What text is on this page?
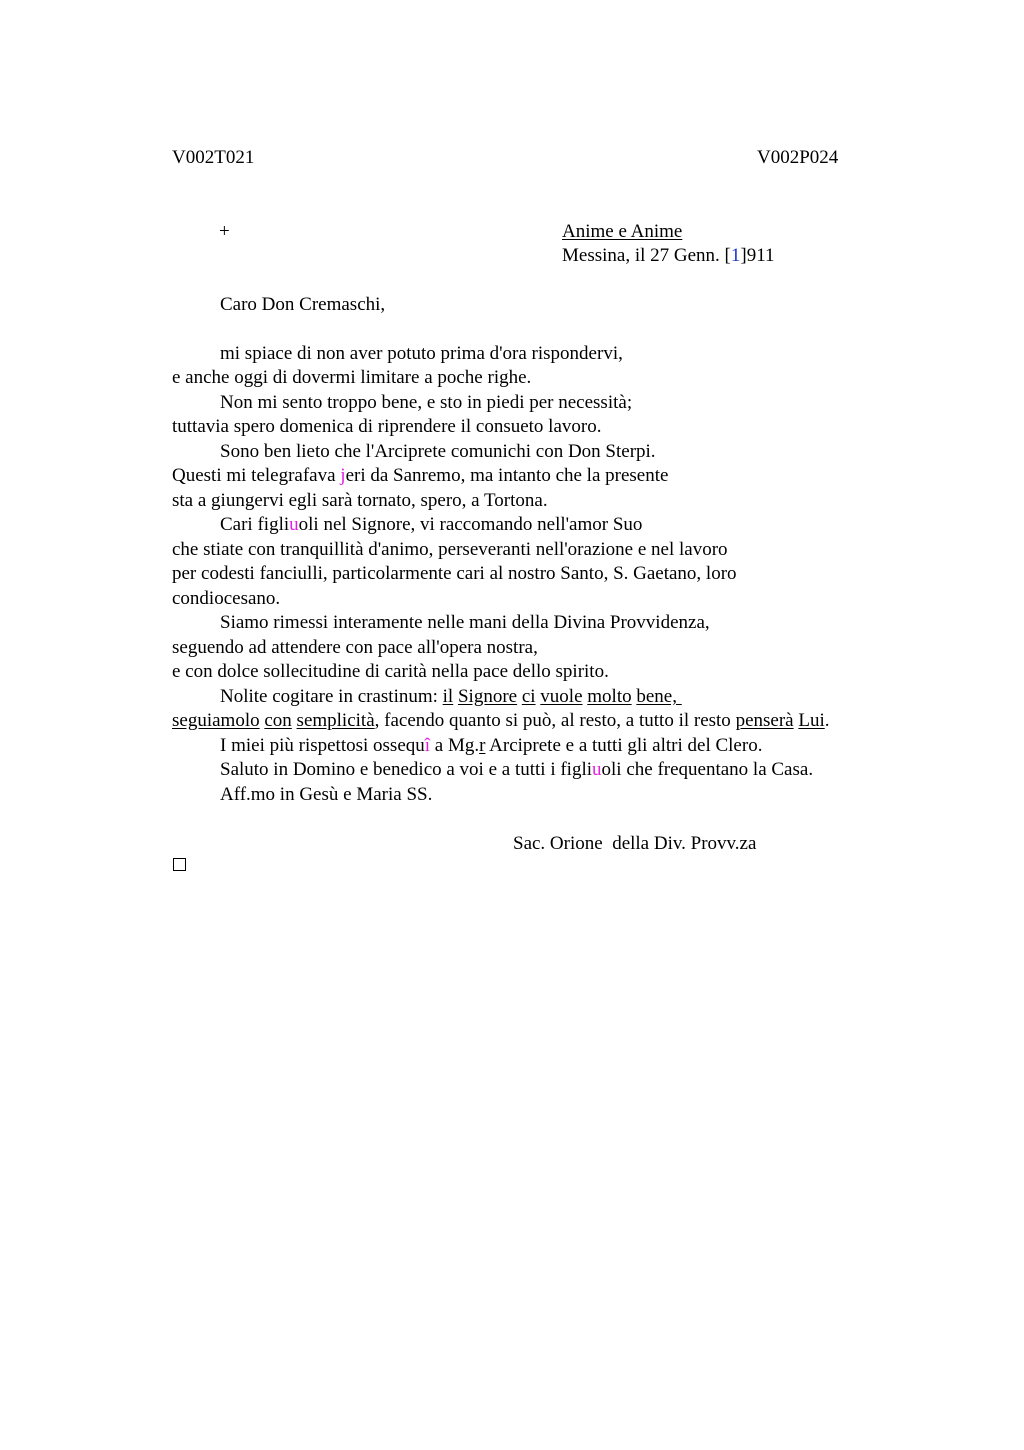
V002T021	V002P024
+	Anime e Anime
Messina, il 27 Genn. [1]911
Caro Don Cremaschi,
mi spiace di non aver potuto prima d'ora rispondervi,
e anche oggi di dovermi limitare a poche righe.
Non mi sento troppo bene, e sto in piedi per necessità;
tuttavia spero domenica di riprendere il consueto lavoro.
Sono ben lieto che l'Arciprete comunichi con Don Sterpi.
Questi mi telegrafava jeri da Sanremo, ma intanto che la presente
sta a giungervi egli sarà tornato, spero, a Tortona.
Cari figliuoli nel Signore, vi raccomando nell'amor Suo
che stiate con tranquillità d'animo, perseveranti nell'orazione e nel lavoro
per codesti fanciulli, particolarmente cari al nostro Santo, S. Gaetano, loro
condiocesano.
Siamo rimessi interamente nelle mani della Divina Provvidenza,
seguendo ad attendere con pace all'opera nostra,
e con dolce sollecitudine di carità nella pace dello spirito.
Nolite cogitare in crastinum: il Signore ci vuole molto bene,
seguiamolo con semplicità, facendo quanto si può, al resto, a tutto il resto penserà Lui.
I miei più rispettosi ossequî a Mg.r Arciprete e a tutti gli altri del Clero.
Saluto in Domino e benedico a voi e a tutti i figliuoli che frequentano la Casa.
Aff.mo in Gesù e Maria SS.
Sac. Orione  della Div. Provv.za
